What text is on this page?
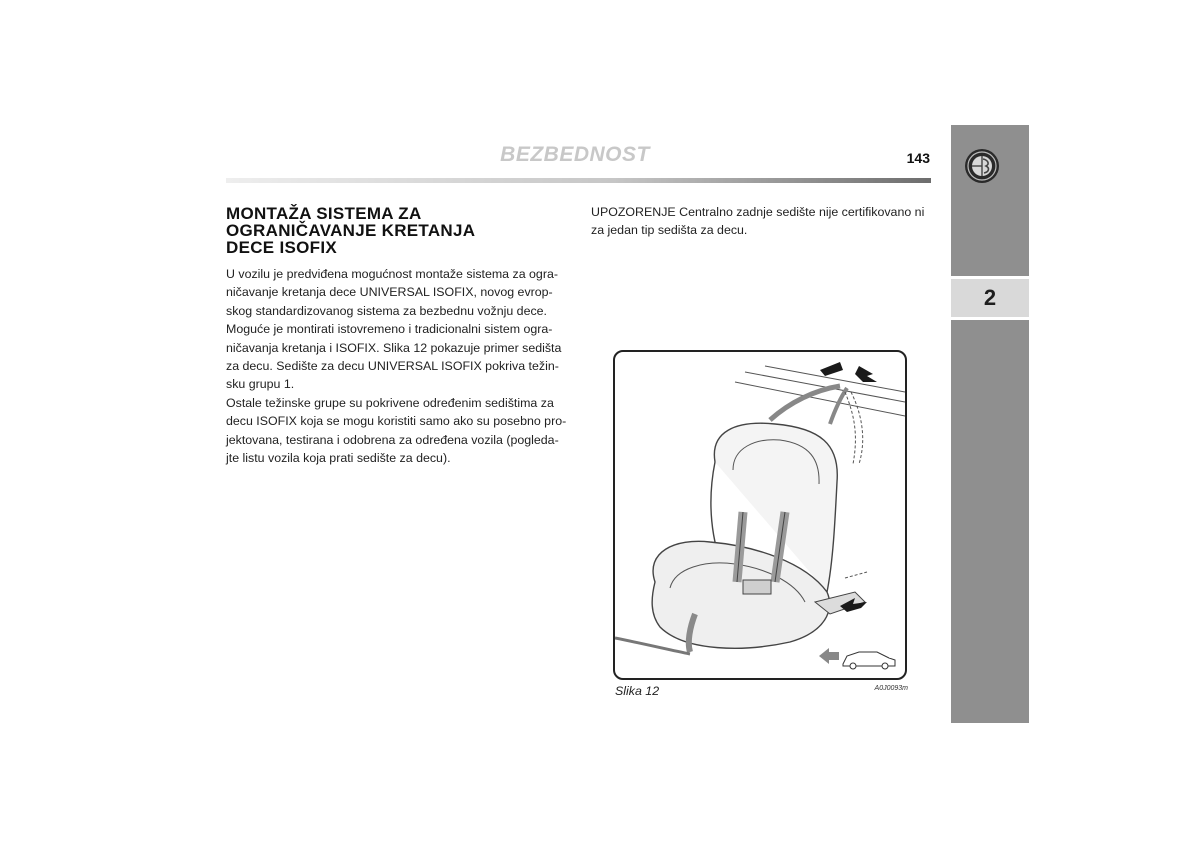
BEZBEDNOST	143
2
MONTAŽA SISTEMA ZA
OGRANIČAVANJE KRETANJA
DECE ISOFIX
U vozilu je predviđena mogućnost montaže sistema za ogra-
ničavanje kretanja dece UNIVERSAL ISOFIX, novog evrop-
skog standardizovanog sistema za bezbednu vožnju dece.
Moguće je montirati istovremeno i tradicionalni sistem ogra-
ničavanja kretanja i ISOFIX. Slika 12 pokazuje primer sedišta
za decu. Sedište za decu UNIVERSAL ISOFIX pokriva težin-
sku grupu 1.
Ostale težinske grupe su pokrivene određenim sedištima za
decu ISOFIX koja se mogu koristiti samo ako su posebno pro-
jektovana, testirana i odobrena za određena vozila (pogleda-
jte listu vozila koja prati sedište za decu).
UPOZORENJE Centralno zadnje sedište nije certifikovano ni
za jedan tip sedišta za decu.
Slika 12	A0J0093m
